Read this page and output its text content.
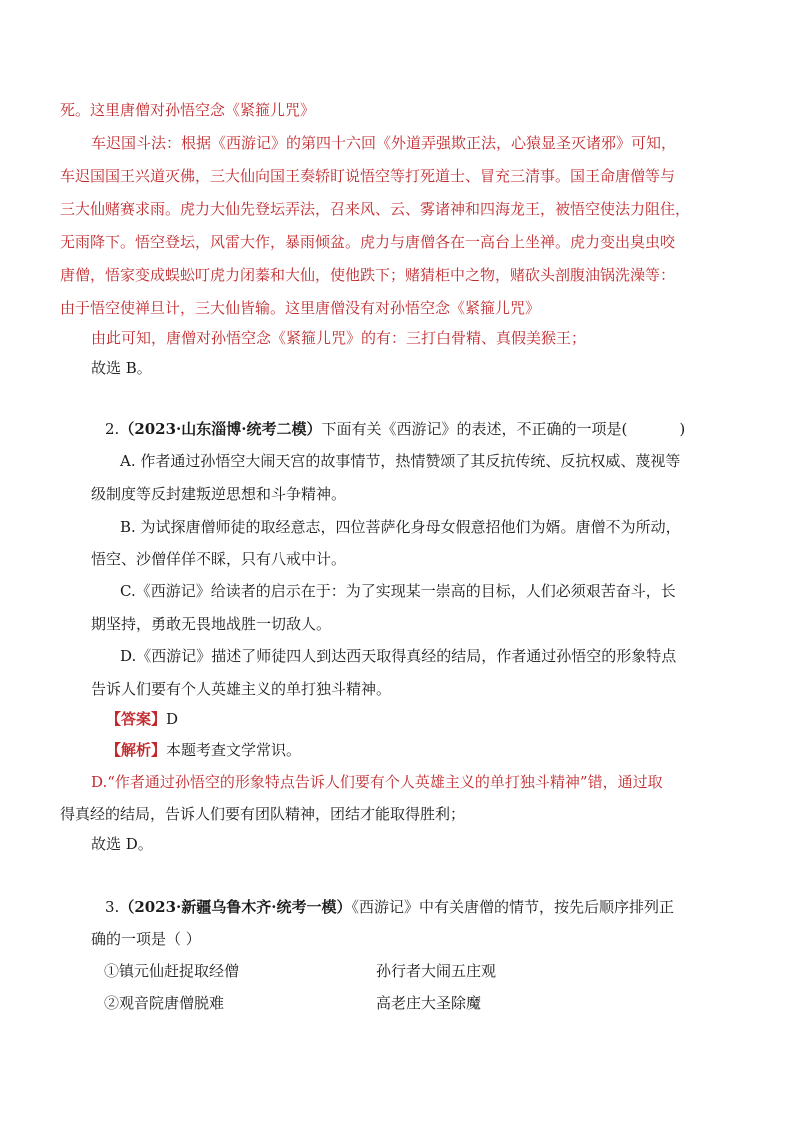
死。这里唐僧对孙悟空念《紧箍儿咒》
车迟国斗法：根据《西游记》的第四十六回《外道弄强欺正法，心猿显圣灭诸邪》可知，
车迟国国王兴道灭佛，三大仙向国王奏轿盯说悟空等打死道士、冒充三清事。国王命唐僧等与
三大仙赌赛求雨。虎力大仙先登坛弄法，召来风、云、雾诸神和四海龙王，被悟空使法力阻住，
无雨降下。悟空登坛，风雷大作，暴雨倾盆。虎力与唐僧各在一高台上坐禅。虎力变出臭虫咬
唐僧，悟家变成蜈蚣叮虎力闭蓁和大仙，使他跌下；赌猜柜中之物，赌砍头剖腹油锅洗澡等：
由于悟空使禅旦计，三大仙皆输。这里唐僧没有对孙悟空念《紧箍儿咒》
由此可知，唐僧对孙悟空念《紧箍儿咒》的有：三打白骨精、真假美猴王；
故选 B。
2.（2023·山东淄博·统考二模）下面有关《西游记》的表述，不正确的一项是(	)
A. 作者通过孙悟空大闹天宫的故事情节，热情赞颂了其反抗传统、反抗权威、蔑视等
级制度等反封建叛逆思想和斗争精神。
B. 为试探唐僧师徒的取经意志，四位菩萨化身母女假意招他们为婿。唐僧不为所动，
悟空、沙僧佯佯不睬，只有八戒中计。
C.《西游记》给读者的启示在于：为了实现某一崇高的目标，人们必须艰苦奋斗，长
期坚持，勇敢无畏地战胜一切敌人。
D.《西游记》描述了师徒四人到达西天取得真经的结局，作者通过孙悟空的形象特点
告诉人们要有个人英雄主义的单打独斗精神。
【答案】D
【解析】本题考查文学常识。
D.“作者通过孙悟空的形象特点告诉人们要有个人英雄主义的单打独斗精神”错，通过取
得真经的结局，告诉人们要有团队精神，团结才能取得胜利；
故选 D。
3.（2023·新疆乌鲁木齐·统考一模）《西游记》中有关唐僧的情节，按先后顺序排列正
确的一项是（ ）
①镇元仙赶捉取经僧	孙行者大闹五庄观
②观音院唐僧脱难	高老庄大圣除魔
